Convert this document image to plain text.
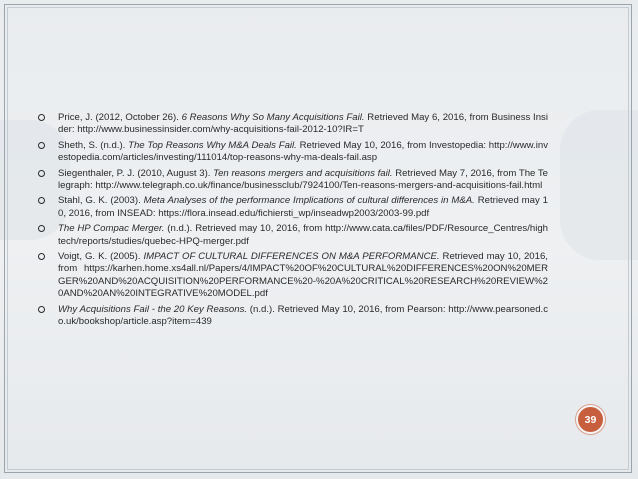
Price, J. (2012, October 26). 6 Reasons Why So Many Acquisitions Fail. Retrieved May 6, 2016, from Business Insider: http://www.businessinsider.com/why-acquisitions-fail-2012-10?IR=T
Sheth, S. (n.d.). The Top Reasons Why M&A Deals Fail. Retrieved May 10, 2016, from Investopedia: http://www.investopedia.com/articles/investing/111014/top-reasons-why-ma-deals-fail.asp
Siegenthaler, P. J. (2010, August 3). Ten reasons mergers and acquisitions fail. Retrieved May 7, 2016, from The Telegraph: http://www.telegraph.co.uk/finance/businessclub/7924100/Ten-reasons-mergers-and-acquisitions-fail.html
Stahl, G. K. (2003). Meta Analyses of the performance Implications of cultural differences in M&A. Retrieved may 10, 2016, from INSEAD: https://flora.insead.edu/fichiersti_wp/inseadwp2003/2003-99.pdf
The HP Compac Merger. (n.d.). Retrieved may 10, 2016, from http://www.cata.ca/files/PDF/Resource_Centres/hightech/reports/studies/quebec-HPQ-merger.pdf
Voigt, G. K. (2005). IMPACT OF CULTURAL DIFFERENCES ON M&A PERFORMANCE. Retrieved may 10, 2016, from https://karhen.home.xs4all.nl/Papers/4/IMPACT%20OF%20CULTURAL%20DIFFERENCES%20ON%20MERGER%20AND%20ACQUISITION%20PERFORMANCE%20-%20A%20CRITICAL%20RESEARCH%20REVIEW%20AND%20AN%20INTEGRATIVE%20MODEL.pdf
Why Acquisitions Fail - the 20 Key Reasons. (n.d.). Retrieved May 10, 2016, from Pearson: http://www.pearsoned.co.uk/bookshop/article.asp?item=439
39
